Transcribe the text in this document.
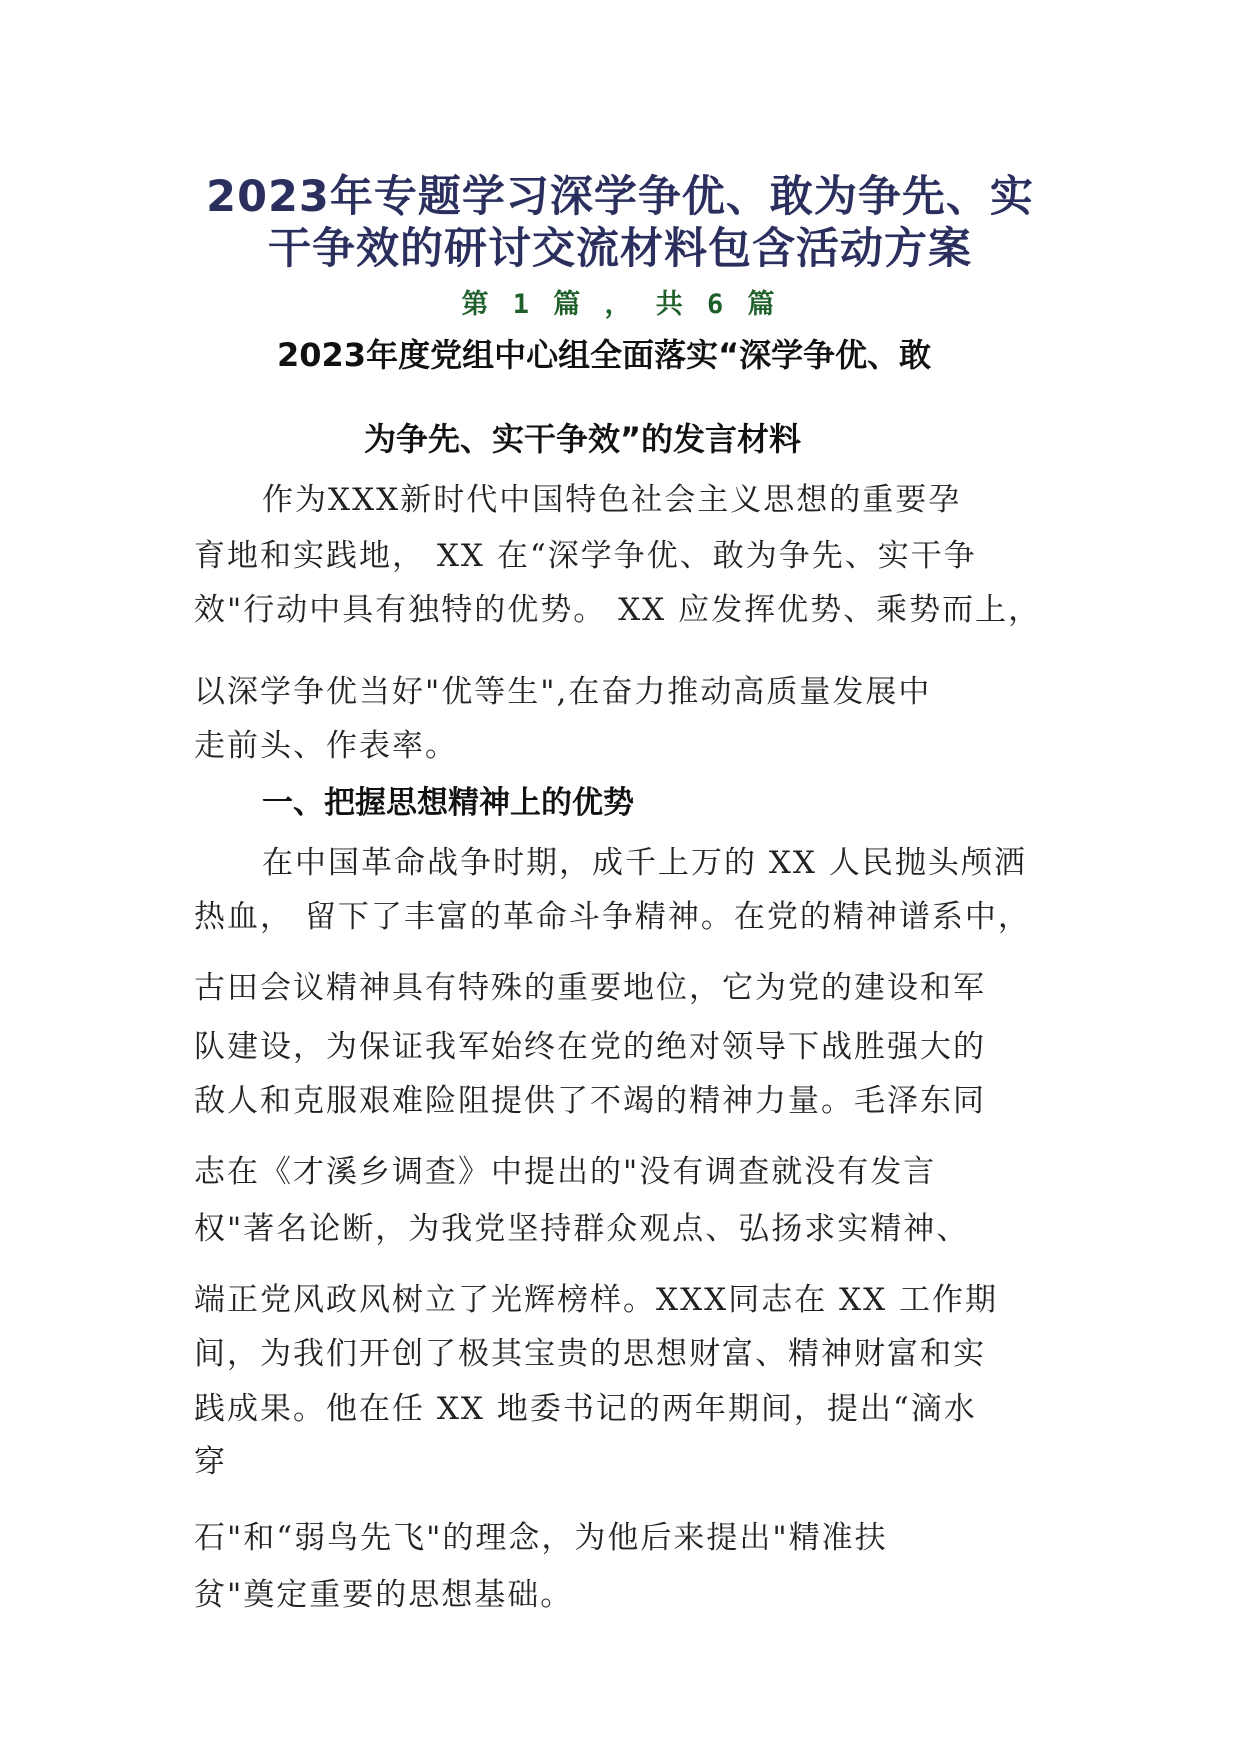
2023年专题学习深学争优、敢为争先、实
干争效的研讨交流材料包含活动方案
第 1 篇 ， 共 6 篇
2023年度党组中心组全面落实“深学争优、敢
为争先、实干争效”的发言材料
作为XXX新时代中国特色社会主义思想的重要孕
育地和实践地， XX 在“深学争优、敢为争先、实干争
效"行动中具有独特的优势。 XX 应发挥优势、乘势而上，
以深学争优当好"优等生",在奋力推动高质量发展中
走前头、作表率。
一、把握思想精神上的优势
在中国革命战争时期，成千上万的 XX 人民抛头颅洒
热血， 留下了丰富的革命斗争精神。在党的精神谱系中，
古田会议精神具有特殊的重要地位，它为党的建设和军
队建设，为保证我军始终在党的绝对领导下战胜强大的
敌人和克服艰难险阻提供了不竭的精神力量。毛泽东同
志在《才溪乡调查》中提出的"没有调查就没有发言
权"著名论断，为我党坚持群众观点、弘扬求实精神、
端正党风政风树立了光辉榜样。XXX同志在 XX 工作期
间，为我们开创了极其宝贵的思想财富、精神财富和实
践成果。他在任 XX 地委书记的两年期间，提出“滴水
穿
石"和“弱鸟先飞"的理念，为他后来提出"精准扶
贫"奠定重要的思想基础。
